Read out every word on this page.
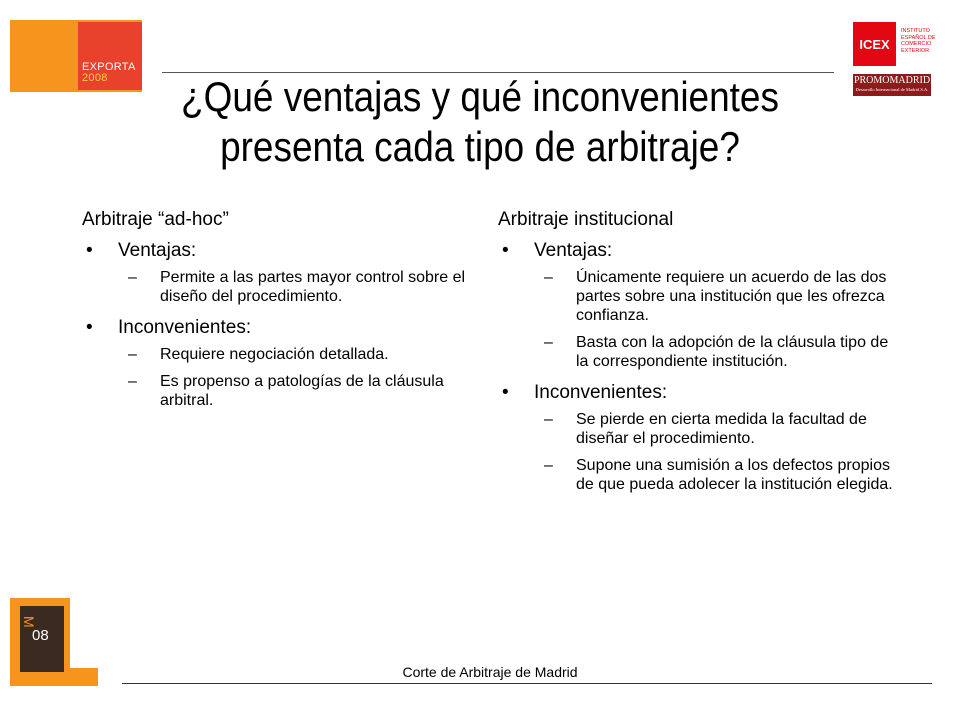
EXPORTA
2008
ICEX
INSTITUTO ESPAÑOL DE COMERCIO EXTERIOR
PROMOMADRID
Desarrollo Internacional de Madrid S.A.
¿Qué ventajas y qué inconvenientes
presenta cada tipo de arbitraje?

Arbitraje “ad-hoc”

• Ventajas:

– Permite a las partes mayor control sobre el diseño del procedimiento.

• Inconvenientes:

– Requiere negociación detallada.

– Es propenso a patologías de la cláusula arbitral.

Arbitraje institucional

• Ventajas:

– Únicamente requiere un acuerdo de las dos partes sobre una institución que les ofrezca confianza.

– Basta con la adopción de la cláusula tipo de la correspondiente institución.

• Inconvenientes:

– Se pierde en cierta medida la facultad de diseñar el procedimiento.

– Supone una sumisión a los defectos propios de que pueda adolecer la institución elegida.

M
08
Corte de Arbitraje de Madrid
